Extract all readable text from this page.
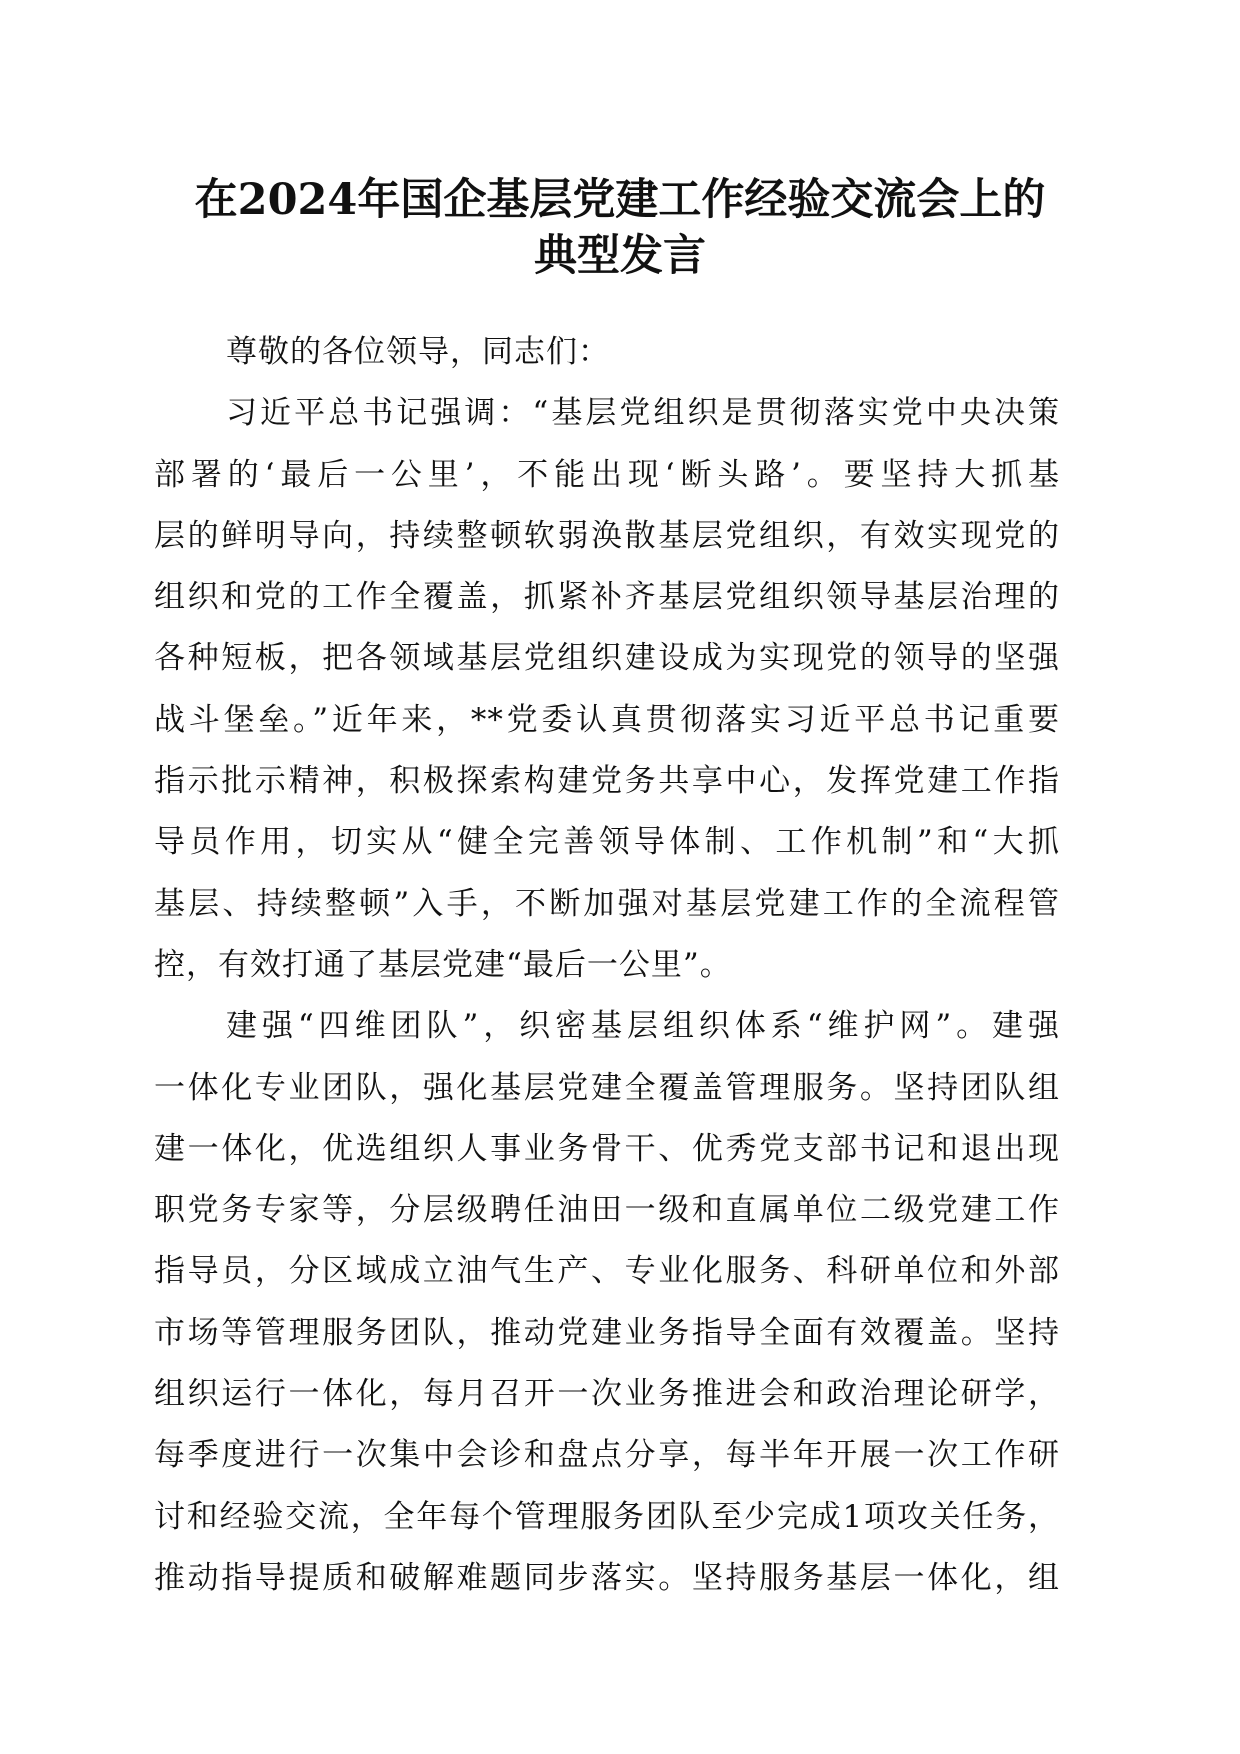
在2024年国企基层党建工作经验交流会上的
典型发言
尊敬的各位领导，同志们：
习近平总书记强调：“基层党组织是贯彻落实党中央决策
部署的‘最后一公里’，不能出现‘断头路’。要坚持大抓基
层的鲜明导向，持续整顿软弱涣散基层党组织，有效实现党的
组织和党的工作全覆盖，抓紧补齐基层党组织领导基层治理的
各种短板，把各领域基层党组织建设成为实现党的领导的坚强
战斗堡垒。”近年来，**党委认真贯彻落实习近平总书记重要
指示批示精神，积极探索构建党务共享中心，发挥党建工作指
导员作用，切实从“健全完善领导体制、工作机制”和“大抓
基层、持续整顿”入手，不断加强对基层党建工作的全流程管
控，有效打通了基层党建“最后一公里”。
建强“四维团队”，织密基层组织体系“维护网”。建强
一体化专业团队，强化基层党建全覆盖管理服务。坚持团队组
建一体化，优选组织人事业务骨干、优秀党支部书记和退出现
职党务专家等，分层级聘任油田一级和直属单位二级党建工作
指导员，分区域成立油气生产、专业化服务、科研单位和外部
市场等管理服务团队，推动党建业务指导全面有效覆盖。坚持
组织运行一体化，每月召开一次业务推进会和政治理论研学，
每季度进行一次集中会诊和盘点分享，每半年开展一次工作研
讨和经验交流，全年每个管理服务团队至少完成1项攻关任务，
推动指导提质和破解难题同步落实。坚持服务基层一体化，组
